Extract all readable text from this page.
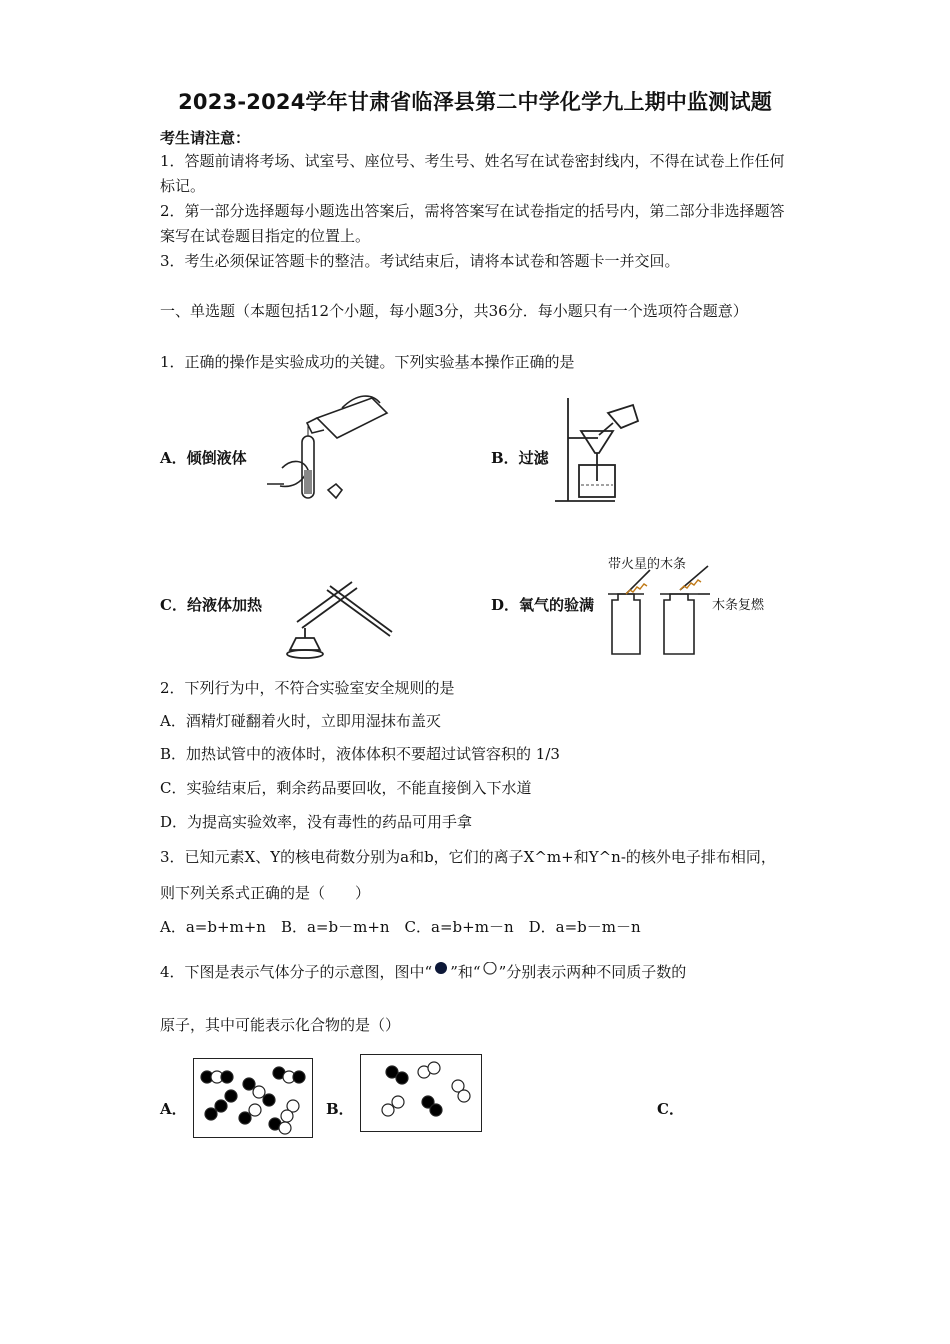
2023-2024学年甘肃省临泽县第二中学化学九上期中监测试题
考生请注意：
1．答题前请将考场、试室号、座位号、考生号、姓名写在试卷密封线内，不得在试卷上作任何标记。
2．第一部分选择题每小题选出答案后，需将答案写在试卷指定的括号内，第二部分非选择题答案写在试卷题目指定的位置上。
3．考生必须保证答题卡的整洁。考试结束后，请将本试卷和答题卡一并交回。
一、单选题（本题包括12个小题，每小题3分，共36分．每小题只有一个选项符合题意）
1．正确的操作是实验成功的关键。下列实验基本操作正确的是
A．倾倒液体	B．过滤
C．给液体加热	D．氧气的验满
带火星的木条
木条复燃
2．下列行为中，不符合实验室安全规则的是
A．酒精灯碰翻着火时，立即用湿抹布盖灭
B．加热试管中的液体时，液体体积不要超过试管容积的 1/3
C．实验结束后，剩余药品要回收，不能直接倒入下水道
D．为提高实验效率，没有毒性的药品可用手拿
3．已知元素X、Y的核电荷数分别为a和b，它们的离子X^m+和Y^n-的核外电子排布相同，
则下列关系式正确的是（　　）
A．a=b+m+n　B．a=b－m+n　C．a=b+m－n　D．a=b－m－n
4．下图是表示气体分子的示意图，图中“ ”和“ ”分别表示两种不同质子数的
原子，其中可能表示化合物的是（）
A．	B．	C．
